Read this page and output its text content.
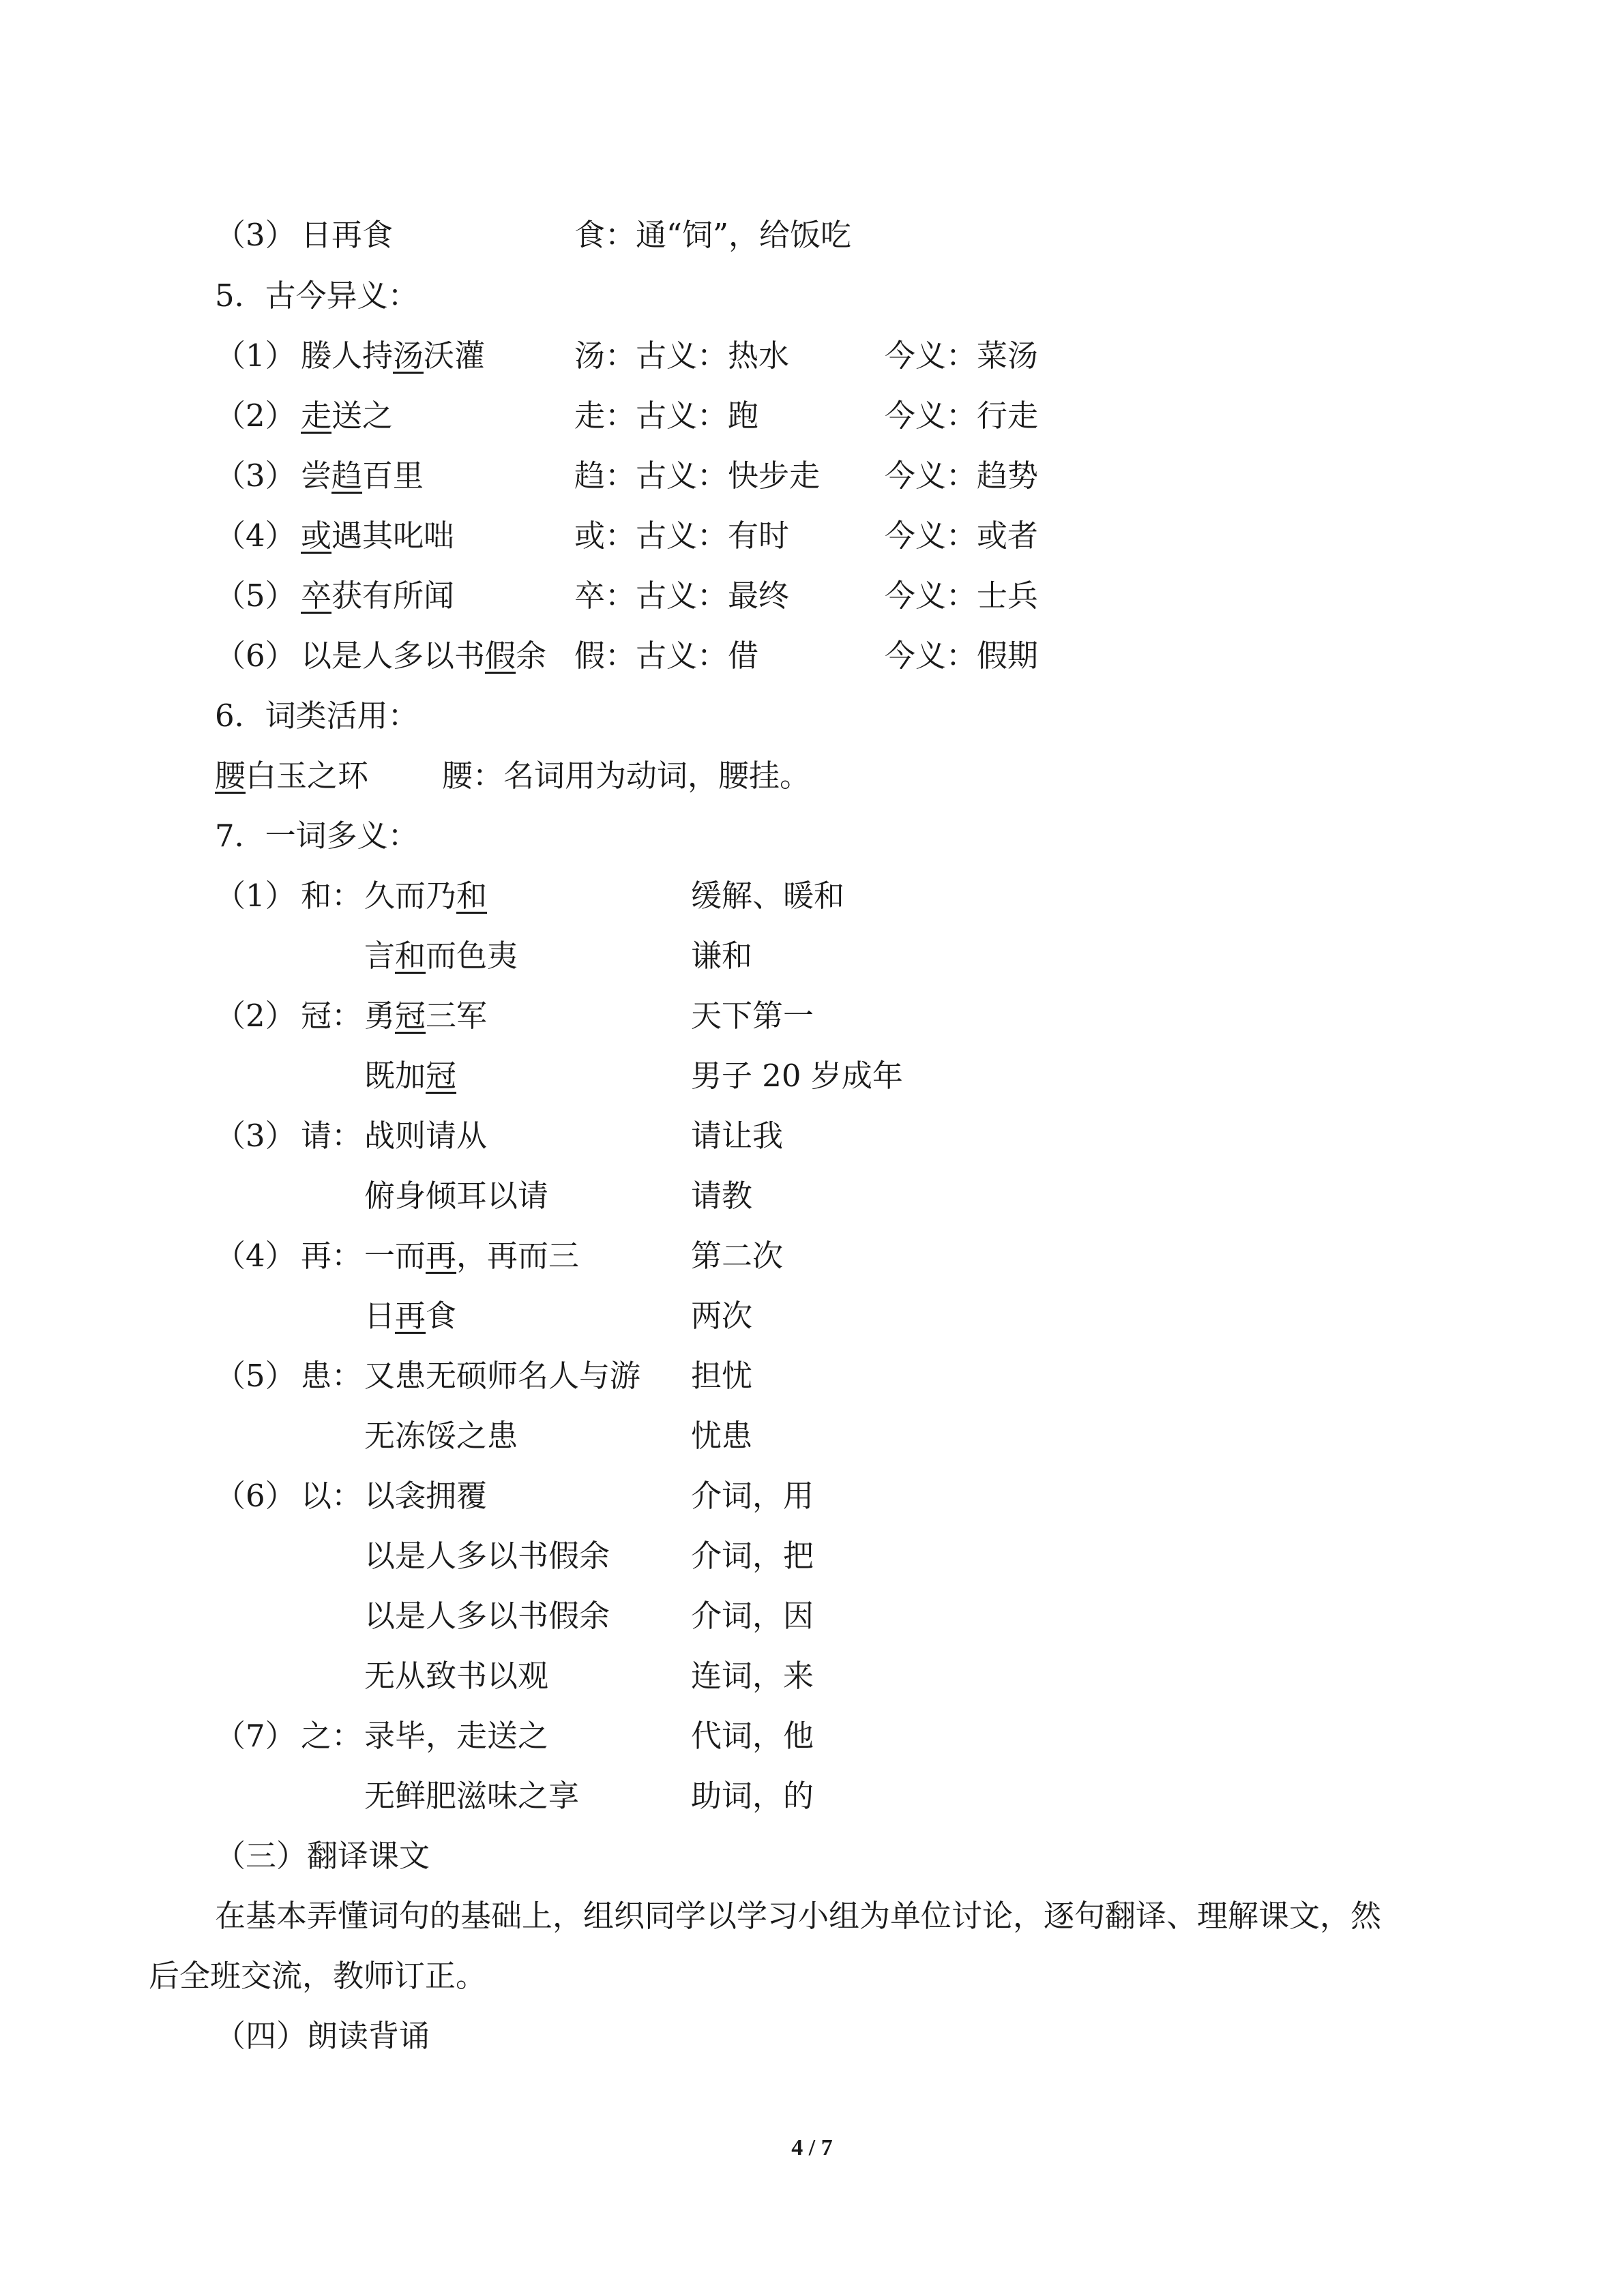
（3） 日再食	食：通“饲”，给饭吃
5．古今异义：
（1） 媵人持汤沃灌	汤：古义：热水	今义：菜汤
（2） 走送之	走：古义：跑	今义：行走
（3） 尝趋百里	趋：古义：快步走 今义：趋势
（4） 或遇其叱咄	或：古义：有时	今义：或者
（5） 卒获有所闻	卒：古义：最终	今义：士兵
（6） 以是人多以书假余 假：古义：借	今义：假期
6．词类活用：
腰白玉之环 腰：名词用为动词，腰挂。
7．一词多义：
（1） 和： 久而乃和	缓解、暖和
言和而色夷	谦和
（2） 冠： 勇冠三军	天下第一
既加冠	男子 20 岁成年
（3） 请： 战则请从	请让我
俯身倾耳以请	请教
（4） 再： 一而再，再而三	第二次
日再食	两次
（5） 患： 又患无硕师名人与游 担忧
无冻馁之患	忧患
（6） 以： 以衾拥覆	介词，用
以是人多以书假余	介词，把
以是人多以书假余	介词，因
无从致书以观	连词，来
（7） 之： 录毕，走送之	代词，他
无鲜肥滋味之享	助词，的
（三）翻译课文
在基本弄懂词句的基础上，组织同学以学习小组为单位讨论，逐句翻译、理解课文，然
后全班交流，教师订正。
（四）朗读背诵
4 / 7
